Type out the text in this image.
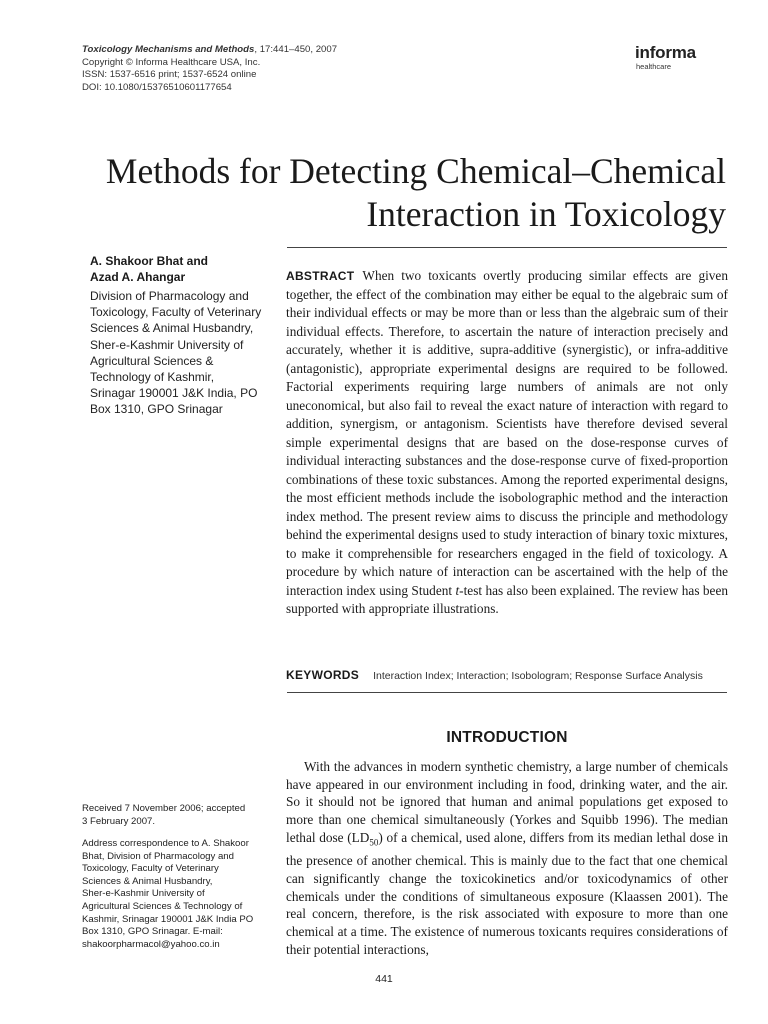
Toxicology Mechanisms and Methods, 17:441–450, 2007
Copyright © Informa Healthcare USA, Inc.
ISSN: 1537-6516 print; 1537-6524 online
DOI: 10.1080/15376510601177654
informa
healthcare
Methods for Detecting Chemical–Chemical
Interaction in Toxicology
A. Shakoor Bhat and
Azad A. Ahangar
Division of Pharmacology and
Toxicology, Faculty of Veterinary
Sciences & Animal Husbandry,
Sher-e-Kashmir University of
Agricultural Sciences &
Technology of Kashmir,
Srinagar 190001 J&K India, PO
Box 1310, GPO Srinagar
ABSTRACT When two toxicants overtly producing similar effects are given together, the effect of the combination may either be equal to the algebraic sum of their individual effects or may be more than or less than the algebraic sum of their individual effects. Therefore, to ascertain the nature of interaction precisely and accurately, whether it is additive, supra-additive (synergistic), or infra-additive (antagonistic), appropriate experimental designs are required to be followed. Factorial experiments requiring large numbers of animals are not only uneconomical, but also fail to reveal the exact nature of interaction with regard to addition, synergism, or antagonism. Scientists have therefore devised several simple experimental designs that are based on the dose-response curves of individual interacting substances and the dose-response curve of fixed-proportion combinations of these toxic substances. Among the reported experimental designs, the most efficient methods include the isobolographic method and the interaction index method. The present review aims to discuss the principle and methodology behind the experimental designs used to study interaction of binary toxic mixtures, to make it comprehensible for researchers engaged in the field of toxicology. A procedure by which nature of interaction can be ascertained with the help of the interaction index using Student t-test has also been explained. The review has been supported with appropriate illustrations.
KEYWORDS Interaction Index; Interaction; Isobologram; Response Surface Analysis
INTRODUCTION
With the advances in modern synthetic chemistry, a large number of chemicals have appeared in our environment including in food, drinking water, and the air. So it should not be ignored that human and animal populations get exposed to more than one chemical simultaneously (Yorkes and Squibb 1996). The median lethal dose $(LD_{50})$ of a chemical, used alone, differs from its median lethal dose in the presence of another chemical. This is mainly due to the fact that one chemical can significantly change the toxicokinetics and/or toxicodynamics of other chemicals under the conditions of simultaneous exposure (Klaassen 2001). The real concern, therefore, is the risk associated with exposure to more than one chemical at a time. The existence of numerous toxicants requires considerations of their potential interactions,
Received 7 November 2006; accepted
3 February 2007.
Address correspondence to A. Shakoor
Bhat, Division of Pharmacology and
Toxicology, Faculty of Veterinary
Sciences & Animal Husbandry,
Sher-e-Kashmir University of
Agricultural Sciences & Technology of
Kashmir, Srinagar 190001 J&K India PO
Box 1310, GPO Srinagar. E-mail:
shakoorpharmacol@yahoo.co.in
441
